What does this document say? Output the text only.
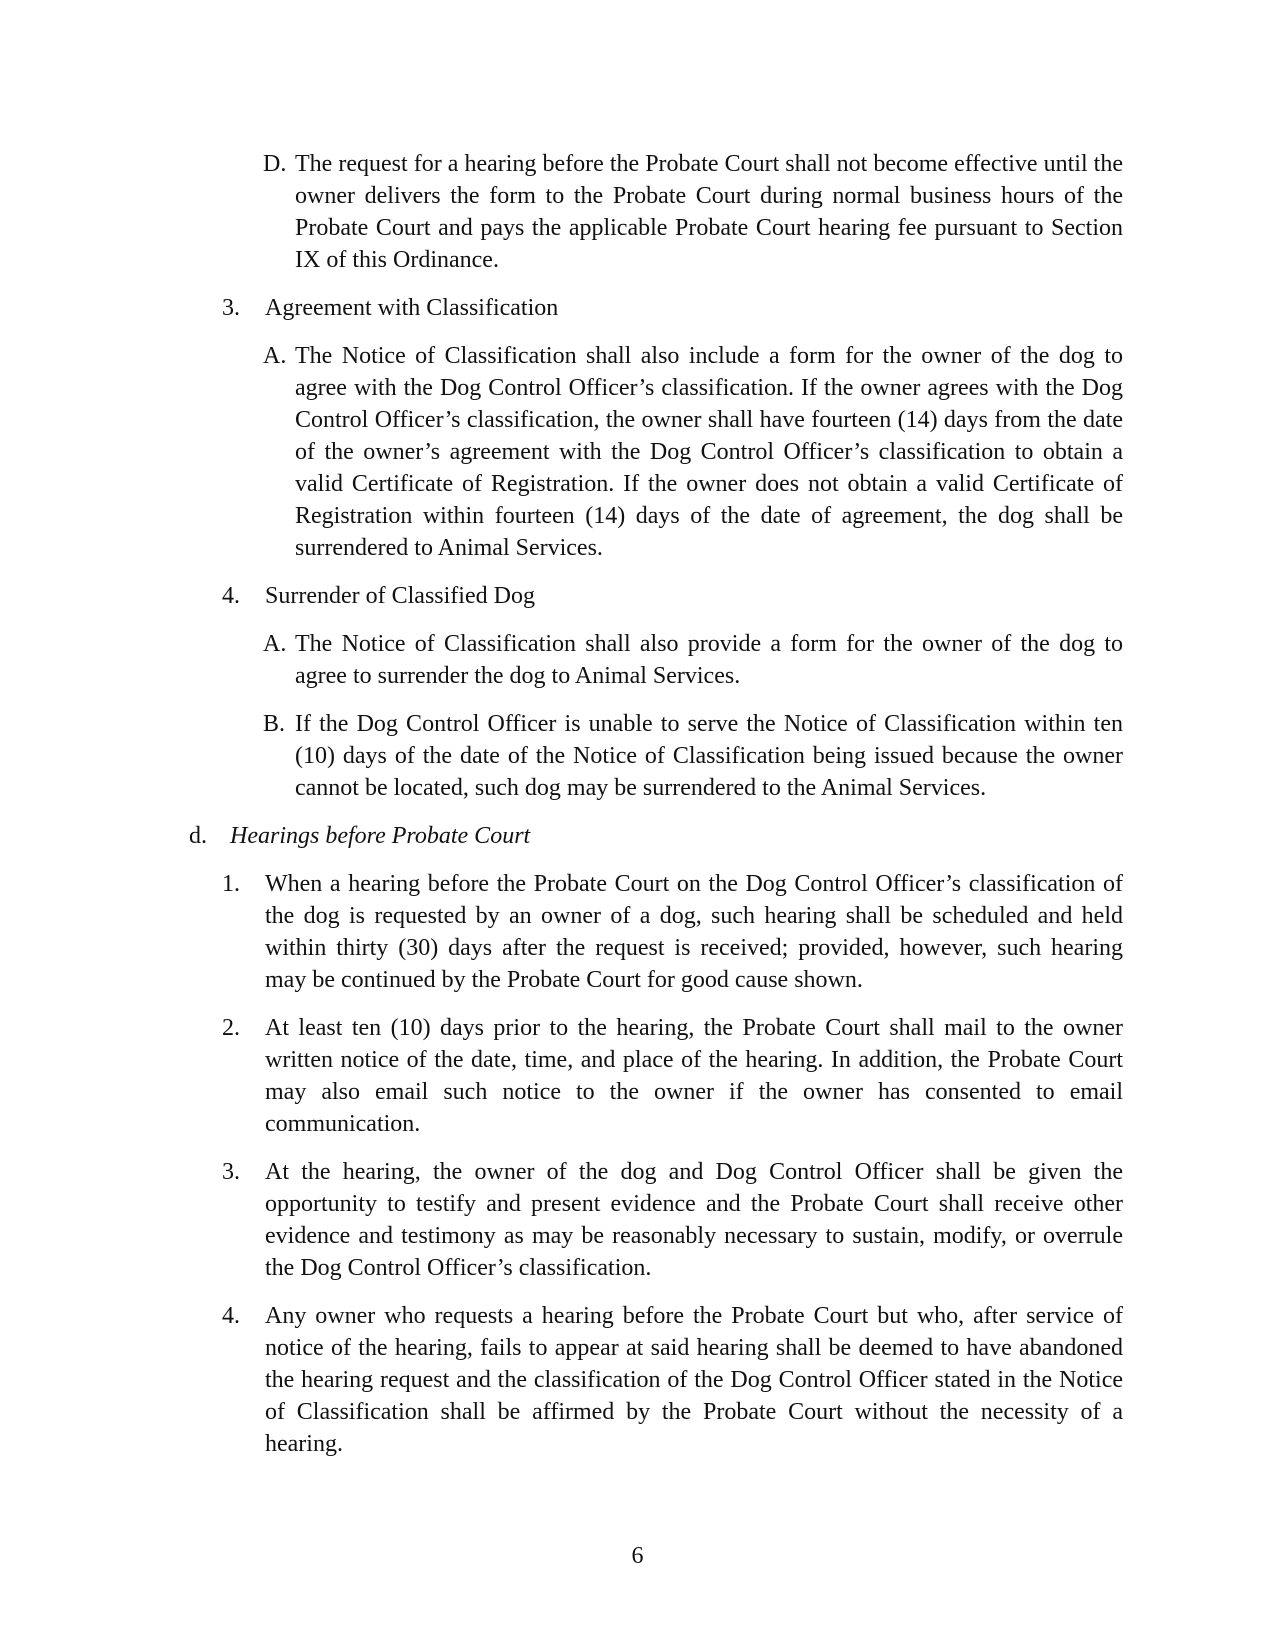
D. The request for a hearing before the Probate Court shall not become effective until the owner delivers the form to the Probate Court during normal business hours of the Probate Court and pays the applicable Probate Court hearing fee pursuant to Section IX of this Ordinance.
3.	Agreement with Classification
A. The Notice of Classification shall also include a form for the owner of the dog to agree with the Dog Control Officer’s classification. If the owner agrees with the Dog Control Officer’s classification, the owner shall have fourteen (14) days from the date of the owner’s agreement with the Dog Control Officer’s classification to obtain a valid Certificate of Registration. If the owner does not obtain a valid Certificate of Registration within fourteen (14) days of the date of agreement, the dog shall be surrendered to Animal Services.
4.	Surrender of Classified Dog
A. The Notice of Classification shall also provide a form for the owner of the dog to agree to surrender the dog to Animal Services.
B. If the Dog Control Officer is unable to serve the Notice of Classification within ten (10) days of the date of the Notice of Classification being issued because the owner cannot be located, such dog may be surrendered to the Animal Services.
d. Hearings before Probate Court
1.	When a hearing before the Probate Court on the Dog Control Officer’s classification of the dog is requested by an owner of a dog, such hearing shall be scheduled and held within thirty (30) days after the request is received; provided, however, such hearing may be continued by the Probate Court for good cause shown.
2.	At least ten (10) days prior to the hearing, the Probate Court shall mail to the owner written notice of the date, time, and place of the hearing. In addition, the Probate Court may also email such notice to the owner if the owner has consented to email communication.
3.	At the hearing, the owner of the dog and Dog Control Officer shall be given the opportunity to testify and present evidence and the Probate Court shall receive other evidence and testimony as may be reasonably necessary to sustain, modify, or overrule the Dog Control Officer’s classification.
4.	Any owner who requests a hearing before the Probate Court but who, after service of notice of the hearing, fails to appear at said hearing shall be deemed to have abandoned the hearing request and the classification of the Dog Control Officer stated in the Notice of Classification shall be affirmed by the Probate Court without the necessity of a hearing.
6
